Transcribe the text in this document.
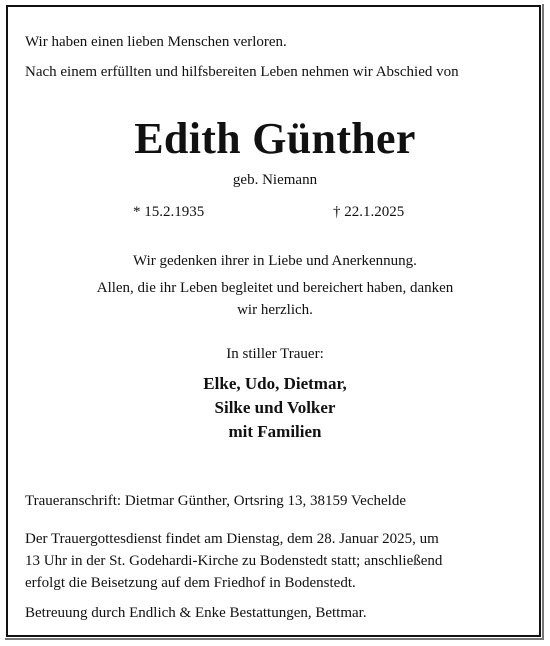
Wir haben einen lieben Menschen verloren.
Nach einem erfüllten und hilfsbereiten Leben nehmen wir Abschied von
Edith Günther
geb. Niemann
* 15.2.1935	† 22.1.2025
Wir gedenken ihrer in Liebe und Anerkennung.
Allen, die ihr Leben begleitet und bereichert haben, danken
wir herzlich.
In stiller Trauer:
Elke, Udo, Dietmar,
Silke und Volker
mit Familien
Traueranschrift: Dietmar Günther, Ortsring 13, 38159 Vechelde
Der Trauergottesdienst findet am Dienstag, dem 28. Januar 2025, um
13 Uhr in der St. Godehardi-Kirche zu Bodenstedt statt; anschließend
erfolgt die Beisetzung auf dem Friedhof in Bodenstedt.
Betreuung durch Endlich & Enke Bestattungen, Bettmar.
